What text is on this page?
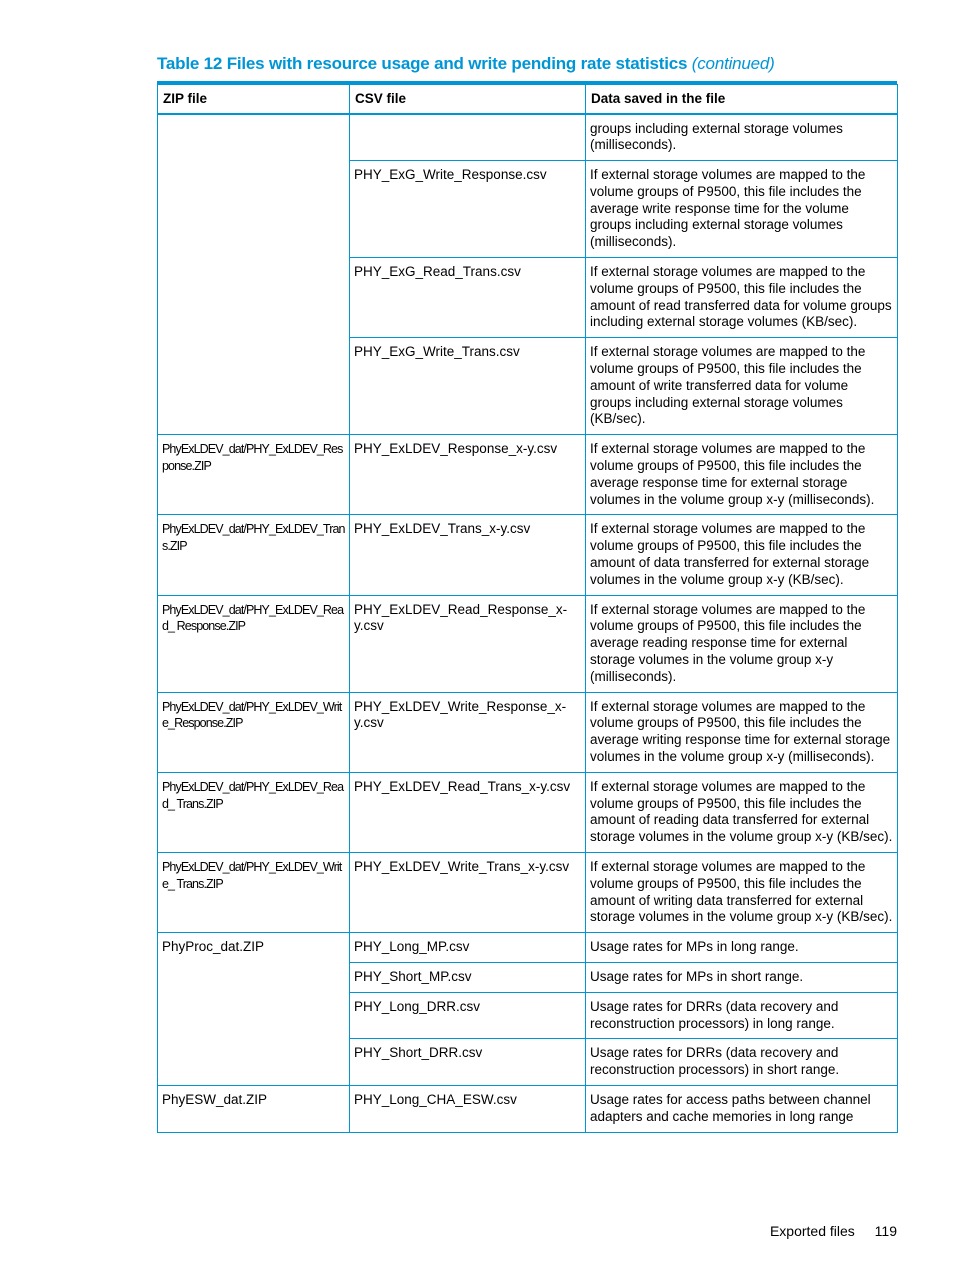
Table 12 Files with resource usage and write pending rate statistics (continued)
ZIP file	CSV file	Data saved in the file
		groups including external storage volumes (milliseconds).
	PHY_ExG_Write_Response.csv	If external storage volumes are mapped to the volume groups of P9500, this file includes the average write response time for the volume groups including external storage volumes (milliseconds).
	PHY_ExG_Read_Trans.csv	If external storage volumes are mapped to the volume groups of P9500, this file includes the amount of read transferred data for volume groups including external storage volumes (KB/sec).
	PHY_ExG_Write_Trans.csv	If external storage volumes are mapped to the volume groups of P9500, this file includes the amount of write transferred data for volume groups including external storage volumes (KB/sec).
PhyExLDEV_dat/PHY_ExLDEV_Response.ZIP	PHY_ExLDEV_Response_x-y.csv	If external storage volumes are mapped to the volume groups of P9500, this file includes the average response time for external storage volumes in the volume group x-y (milliseconds).
PhyExLDEV_dat/PHY_ExLDEV_Trans.ZIP	PHY_ExLDEV_Trans_x-y.csv	If external storage volumes are mapped to the volume groups of P9500, this file includes the amount of data transferred for external storage volumes in the volume group x-y (KB/sec).
PhyExLDEV_dat/PHY_ExLDEV_Read_ Response.ZIP	PHY_ExLDEV_Read_Response_x-y.csv	If external storage volumes are mapped to the volume groups of P9500, this file includes the average reading response time for external storage volumes in the volume group x-y (milliseconds).
PhyExLDEV_dat/PHY_ExLDEV_Write_Response.ZIP	PHY_ExLDEV_Write_Response_x-y.csv	If external storage volumes are mapped to the volume groups of P9500, this file includes the average writing response time for external storage volumes in the volume group x-y (milliseconds).
PhyExLDEV_dat/PHY_ExLDEV_Read_ Trans.ZIP	PHY_ExLDEV_Read_Trans_x-y.csv	If external storage volumes are mapped to the volume groups of P9500, this file includes the amount of reading data transferred for external storage volumes in the volume group x-y (KB/sec).
PhyExLDEV_dat/PHY_ExLDEV_Write_ Trans.ZIP	PHY_ExLDEV_Write_Trans_x-y.csv	If external storage volumes are mapped to the volume groups of P9500, this file includes the amount of writing data transferred for external storage volumes in the volume group x-y (KB/sec).
PhyProc_dat.ZIP	PHY_Long_MP.csv	Usage rates for MPs in long range.
	PHY_Short_MP.csv	Usage rates for MPs in short range.
	PHY_Long_DRR.csv	Usage rates for DRRs (data recovery and reconstruction processors) in long range.
	PHY_Short_DRR.csv	Usage rates for DRRs (data recovery and reconstruction processors) in short range.
PhyESW_dat.ZIP	PHY_Long_CHA_ESW.csv	Usage rates for access paths between channel adapters and cache memories in long range
Exported files 119
